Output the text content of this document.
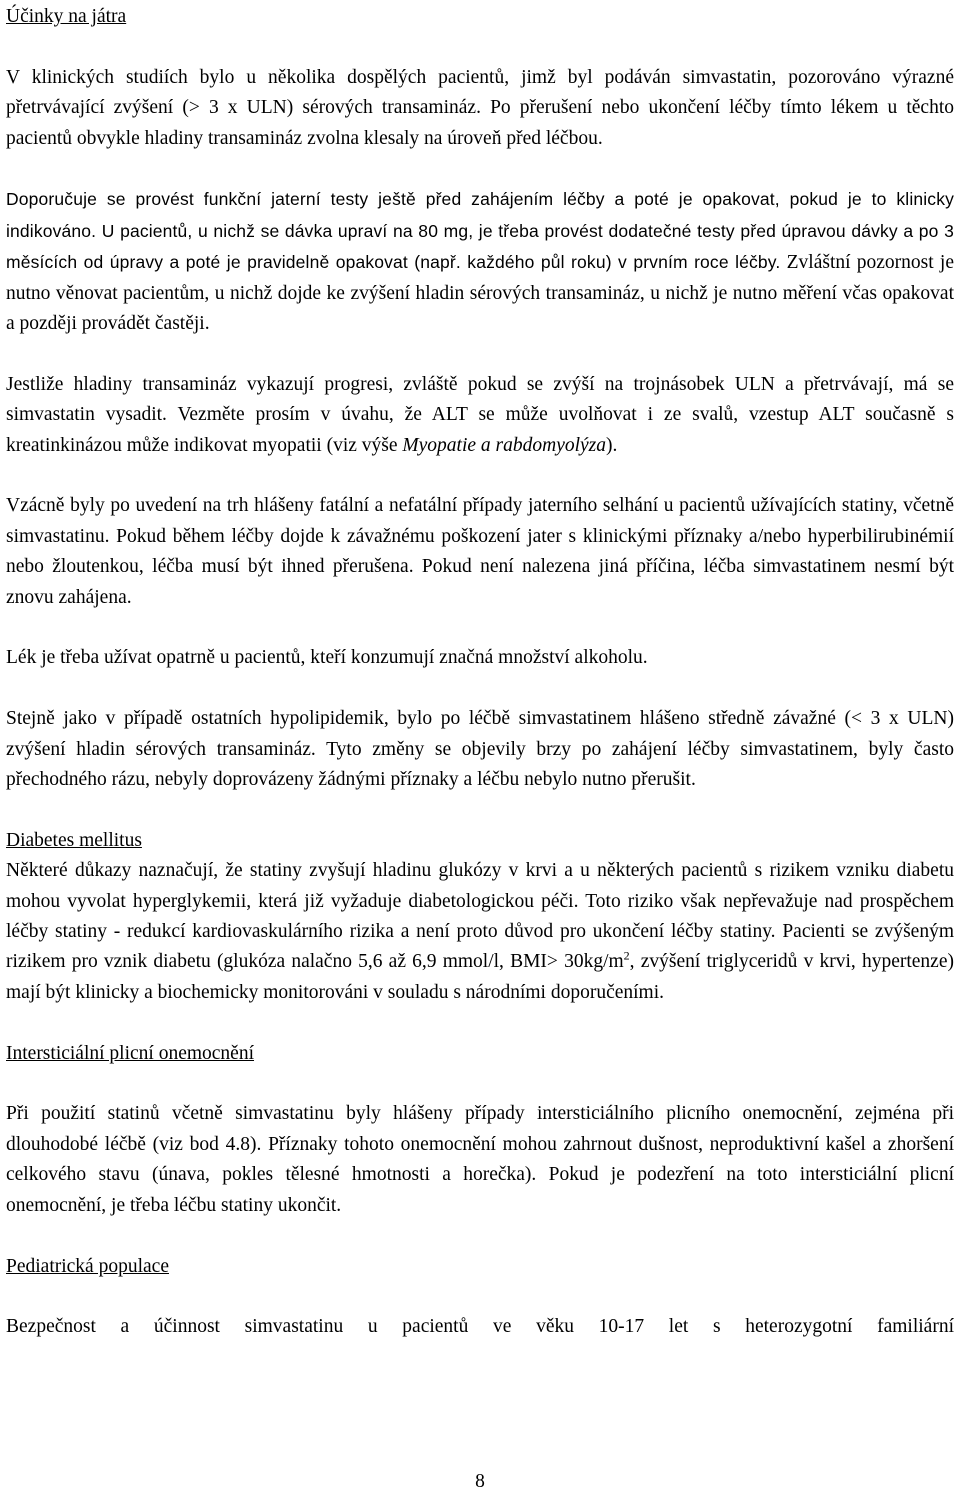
Účinky na játra

V klinických studiích bylo u několika dospělých pacientů, jimž byl podáván simvastatin, pozorováno výrazné přetrvávající zvýšení (> 3 x ULN) sérových transamináz. Po přerušení nebo ukončení léčby tímto lékem u těchto pacientů obvykle hladiny transamináz zvolna klesaly na úroveň před léčbou.

Doporučuje se provést funkční jaterní testy ještě před zahájením léčby a poté je opakovat, pokud je to klinicky indikováno. U pacientů, u nichž se dávka upraví na 80 mg, je třeba provést dodatečné testy před úpravou dávky a po 3 měsících od úpravy a poté je pravidelně opakovat (např. každého půl roku) v prvním roce léčby. Zvláštní pozornost je nutno věnovat pacientům, u nichž dojde ke zvýšení hladin sérových transamináz, u nichž je nutno měření včas opakovat a později provádět častěji.

Jestliže hladiny transamináz vykazují progresi, zvláště pokud se zvýší na trojnásobek ULN a přetrvávají, má se simvastatin vysadit. Vezměte prosím v úvahu, že ALT se může uvolňovat i ze svalů, vzestup ALT současně s kreatinkinázou může indikovat myopatii (viz výše Myopatie a rabdomyolýza).

Vzácně byly po uvedení na trh hlášeny fatální a nefatální případy jaterního selhání u pacientů užívajících statiny, včetně simvastatinu. Pokud během léčby dojde k závažnému poškození jater s klinickými příznaky a/nebo hyperbilirubinémií nebo žloutenkou, léčba musí být ihned přerušena. Pokud není nalezena jiná příčina, léčba simvastatinem nesmí být znovu zahájena.

Lék je třeba užívat opatrně u pacientů, kteří konzumují značná množství alkoholu.

Stejně jako v případě ostatních hypolipidemik, bylo po léčbě simvastatinem hlášeno středně závažné (< 3 x ULN) zvýšení hladin sérových transamináz. Tyto změny se objevily brzy po zahájení léčby simvastatinem, byly často přechodného rázu, nebyly doprovázeny žádnými příznaky a léčbu nebylo nutno přerušit.

Diabetes mellitus

Některé důkazy naznačují, že statiny zvyšují hladinu glukózy v krvi a u některých pacientů s rizikem vzniku diabetu mohou vyvolat hyperglykemii, která již vyžaduje diabetologickou péči. Toto riziko však nepřevažuje nad prospěchem léčby statiny - redukcí kardiovaskulárního rizika a není proto důvod pro ukončení léčby statiny. Pacienti se zvýšeným rizikem pro vznik diabetu (glukóza nalačno 5,6 až 6,9 mmol/l, $BMI> 30kg/m^2$, zvýšení triglyceridů v krvi, hypertenze) mají být klinicky a biochemicky monitorováni v souladu s národními doporučeními.

Intersticiální plicní onemocnění

Při použití statinů včetně simvastatinu byly hlášeny případy intersticiálního plicního onemocnění, zejména při dlouhodobé léčbě (viz bod 4.8). Příznaky tohoto onemocnění mohou zahrnout dušnost, neproduktivní kašel a zhoršení celkového stavu (únava, pokles tělesné hmotnosti a horečka). Pokud je podezření na toto intersticiální plicní onemocnění, je třeba léčbu statiny ukončit.

Pediatrická populace

Bezpečnost a účinnost simvastatinu u pacientů ve věku 10-17 let s heterozygotní familiární

8
